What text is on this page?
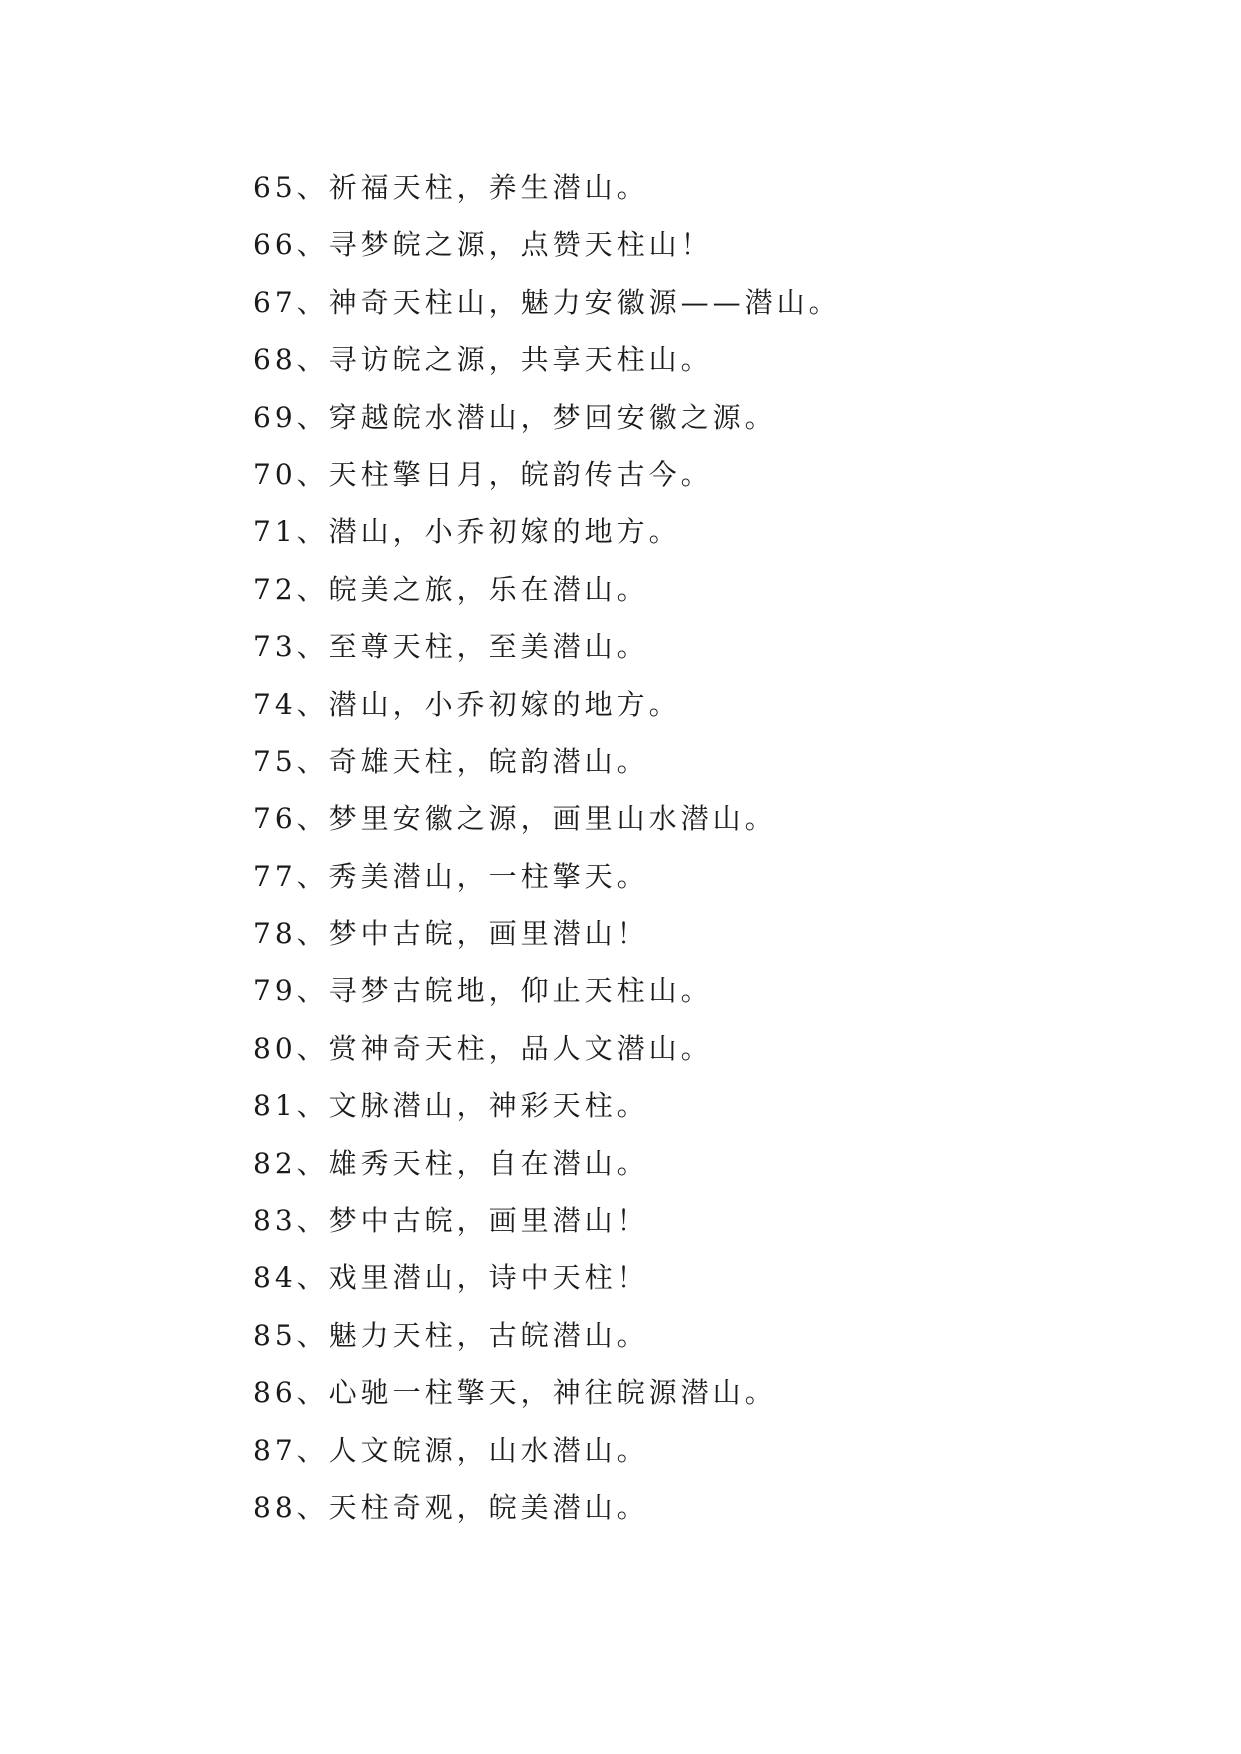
65、祈福天柱，养生潜山。
66、寻梦皖之源，点赞天柱山！
67、神奇天柱山，魅力安徽源——潜山。
68、寻访皖之源，共享天柱山。
69、穿越皖水潜山，梦回安徽之源。
70、天柱擎日月，皖韵传古今。
71、潜山，小乔初嫁的地方。
72、皖美之旅，乐在潜山。
73、至尊天柱，至美潜山。
74、潜山，小乔初嫁的地方。
75、奇雄天柱，皖韵潜山。
76、梦里安徽之源，画里山水潜山。
77、秀美潜山，一柱擎天。
78、梦中古皖，画里潜山！
79、寻梦古皖地，仰止天柱山。
80、赏神奇天柱，品人文潜山。
81、文脉潜山，神彩天柱。
82、雄秀天柱，自在潜山。
83、梦中古皖，画里潜山！
84、戏里潜山，诗中天柱！
85、魅力天柱，古皖潜山。
86、心驰一柱擎天，神往皖源潜山。
87、人文皖源，山水潜山。
88、天柱奇观，皖美潜山。
